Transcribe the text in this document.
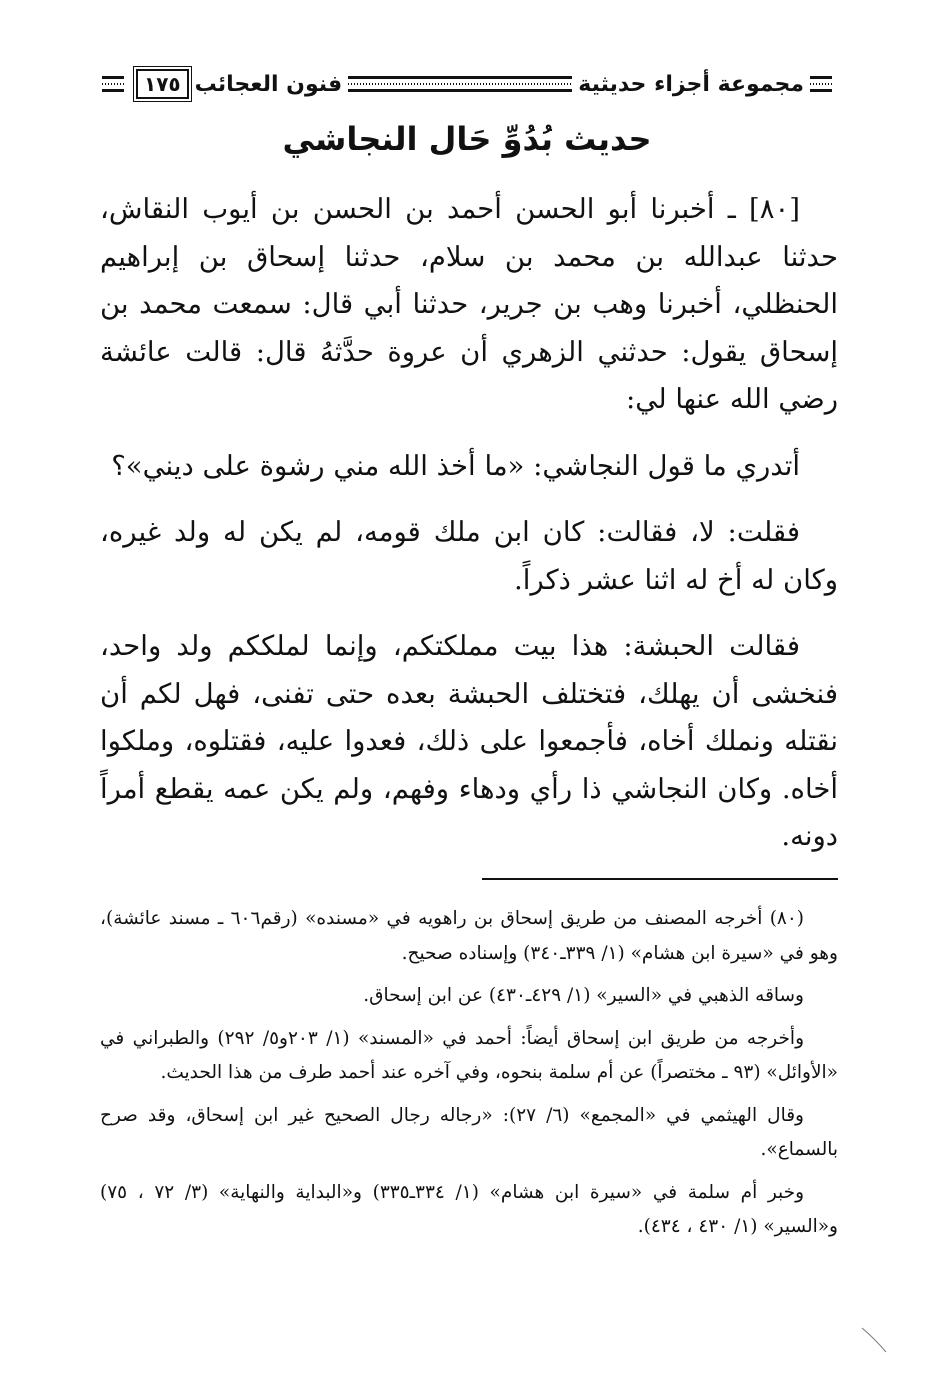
مجموعة أجزاء حديثية
فنون العجائب
١٧٥
حديث بُدُوِّ حَال النجاشي

[٨٠] ـ أخبرنا أبو الحسن أحمد بن الحسن بن أيوب النقاش، حدثنا عبدالله بن محمد بن سلام، حدثنا إسحاق بن إبراهيم الحنظلي، أخبرنا وهب بن جرير، حدثنا أبي قال: سمعت محمد بن إسحاق يقول: حدثني الزهري أن عروة حدَّثهُ قال: قالت عائشة رضي الله عنها لي:

أتدري ما قول النجاشي: «ما أخذ الله مني رشوة على ديني»؟

فقلت: لا، فقالت: كان ابن ملك قومه، لم يكن له ولد غيره، وكان له أخ له اثنا عشر ذكراً.

فقالت الحبشة: هذا بيت مملكتكم، وإنما لملككم ولد واحد، فنخشى أن يهلك، فتختلف الحبشة بعده حتى تفنى، فهل لكم أن نقتله ونملك أخاه، فأجمعوا على ذلك، فعدوا عليه، فقتلوه، وملكوا أخاه. وكان النجاشي ذا رأي ودهاء وفهم، ولم يكن عمه يقطع أمراً دونه.

(٨٠) أخرجه المصنف من طريق إسحاق بن راهويه في «مسنده» (رقم٦٠٦ ـ مسند عائشة)، وهو في «سيرة ابن هشام» (١/ ٣٣٩ـ٣٤٠) وإسناده صحيح.

وساقه الذهبي في «السير» (١/ ٤٢٩ـ٤٣٠) عن ابن إسحاق.

وأخرجه من طريق ابن إسحاق أيضاً: أحمد في «المسند» (١/ ٢٠٣و٥/ ٢٩٢) والطبراني في «الأوائل» (٩٣ ـ مختصراً) عن أم سلمة بنحوه، وفي آخره عند أحمد طرف من هذا الحديث.

وقال الهيثمي في «المجمع» (٦/ ٢٧): «رجاله رجال الصحيح غير ابن إسحاق، وقد صرح بالسماع».

وخبر أم سلمة في «سيرة ابن هشام» (١/ ٣٣٤ـ٣٣٥) و«البداية والنهاية» (٣/ ٧٢ ، ٧٥) و«السير» (١/ ٤٣٠ ، ٤٣٤).
